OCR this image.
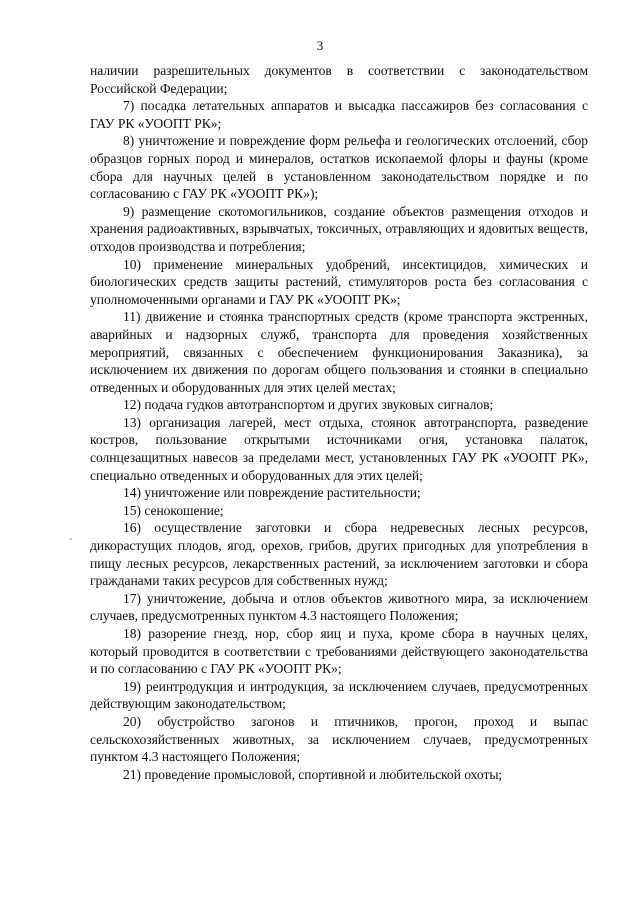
3
`

наличии разрешительных документов в соответствии с законодательством Российской Федерации;

7) посадка летательных аппаратов и высадка пассажиров без согласования с ГАУ РК «УООПТ РК»;

8) уничтожение и повреждение форм рельефа и геологических отслоений, сбор образцов горных пород и минералов, остатков ископаемой флоры и фауны (кроме сбора для научных целей в установленном законодательством порядке и по согласованию с ГАУ РК «УООПТ РК»);

9) размещение скотомогильников, создание объектов размещения отходов и хранения радиоактивных, взрывчатых, токсичных, отравляющих и ядовитых веществ, отходов производства и потребления;

10) применение минеральных удобрений, инсектицидов, химических и биологических средств защиты растений, стимуляторов роста без согласования с уполномоченными органами и ГАУ РК «УООПТ РК»;

11) движение и стоянка транспортных средств (кроме транспорта экстренных, аварийных и надзорных служб, транспорта для проведения хозяйственных мероприятий, связанных с обеспечением функционирования Заказника), за исключением их движения по дорогам общего пользования и стоянки в специально отведенных и оборудованных для этих целей местах;

12) подача гудков автотранспортом и других звуковых сигналов;

13) организация лагерей, мест отдыха, стоянок автотранспорта, разведение костров, пользование открытыми источниками огня, установка палаток, солнцезащитных навесов за пределами мест, установленных ГАУ РК «УООПТ РК», специально отведенных и оборудованных для этих целей;

14) уничтожение или повреждение растительности;

15) сенокошение;

16) осуществление заготовки и сбора недревесных лесных ресурсов, дикорастущих плодов, ягод, орехов, грибов, других пригодных для употребления в пищу лесных ресурсов, лекарственных растений, за исключением заготовки и сбора гражданами таких ресурсов для собственных нужд;

17) уничтожение, добыча и отлов объектов животного мира, за исключением случаев, предусмотренных пунктом 4.3 настоящего Положения;

18) разорение гнезд, нор, сбор яиц и пуха, кроме сбора в научных целях, который проводится в соответствии с требованиями действующего законодательства и по согласованию с ГАУ РК «УООПТ РК»;

19) реинтродукция и интродукция, за исключением случаев, предусмотренных действующим законодательством;

20) обустройство загонов и птичников, прогон, проход и выпас сельскохозяйственных животных, за исключением случаев, предусмотренных пунктом 4.3 настоящего Положения;

21) проведение промысловой, спортивной и любительской охоты;
